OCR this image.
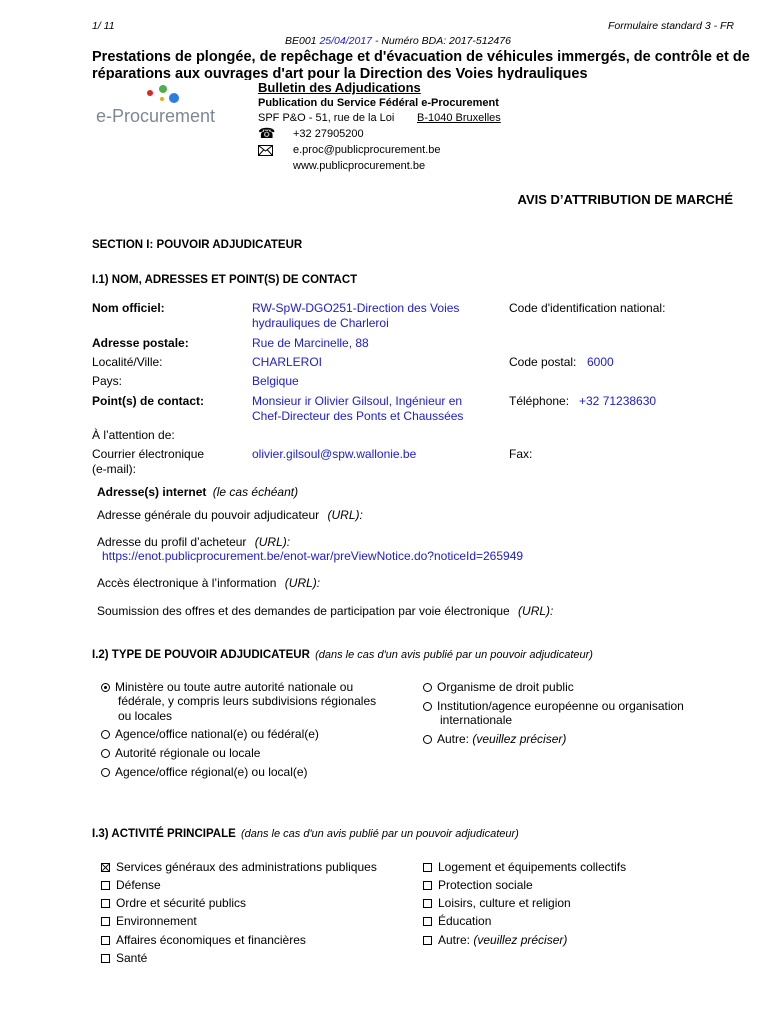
1/ 11	Formulaire standard 3 - FR
BE001 25/04/2017 - Numéro BDA: 2017-512476
Prestations de plongée, de repêchage et d'évacuation de véhicules immergés, de contrôle et de réparations aux ouvrages d'art pour la Direction des Voies hydrauliques
e-Procurement
Bulletin des Adjudications
Publication du Service Fédéral e-Procurement
SPF P&O - 51, rue de la Loi B-1040 Bruxelles
☎ +32 27905200
e.proc@publicprocurement.be
www.publicprocurement.be
AVIS D’ATTRIBUTION DE MARCHÉ
SECTION I: POUVOIR ADJUDICATEUR
I.1) NOM, ADRESSES ET POINT(S) DE CONTACT
Nom officiel:	RW-SpW-DGO251-Direction des Voies
hydrauliques de Charleroi
Code d'identification national:
Adresse postale:	Rue de Marcinelle, 88
Localité/Ville:	CHARLEROI	Code postal: 6000
Pays:	Belgique
Point(s) de contact:	Monsieur ir Olivier Gilsoul, Ingénieur en
Chef-Directeur des Ponts et Chaussées
Téléphone: +32 71238630
À l’attention de:
Courrier électronique
(e-mail):
olivier.gilsoul@spw.wallonie.be	Fax:
Adresse(s) internet (le cas échéant)
Adresse générale du pouvoir adjudicateur (URL):
Adresse du profil d’acheteur (URL):
https://enot.publicprocurement.be/enot-war/preViewNotice.do?noticeId=265949
Accès électronique à l’information (URL):
Soumission des offres et des demandes de participation par voie électronique (URL):
I.2) TYPE DE POUVOIR ADJUDICATEUR (dans le cas d'un avis publié par un pouvoir adjudicateur)
Ministère ou toute autre autorité nationale ou
fédérale, y compris leurs subdivisions régionales
ou locales
Agence/office national(e) ou fédéral(e)
Autorité régionale ou locale
Agence/office régional(e) ou local(e)
Organisme de droit public
Institution/agence européenne ou organisation
internationale
Autre: (veuillez préciser)
I.3) ACTIVITÉ PRINCIPALE (dans le cas d'un avis publié par un pouvoir adjudicateur)
Services généraux des administrations publiques
Défense
Ordre et sécurité publics
Environnement
Affaires économiques et financières
Santé
Logement et équipements collectifs
Protection sociale
Loisirs, culture et religion
Éducation
Autre: (veuillez préciser)
